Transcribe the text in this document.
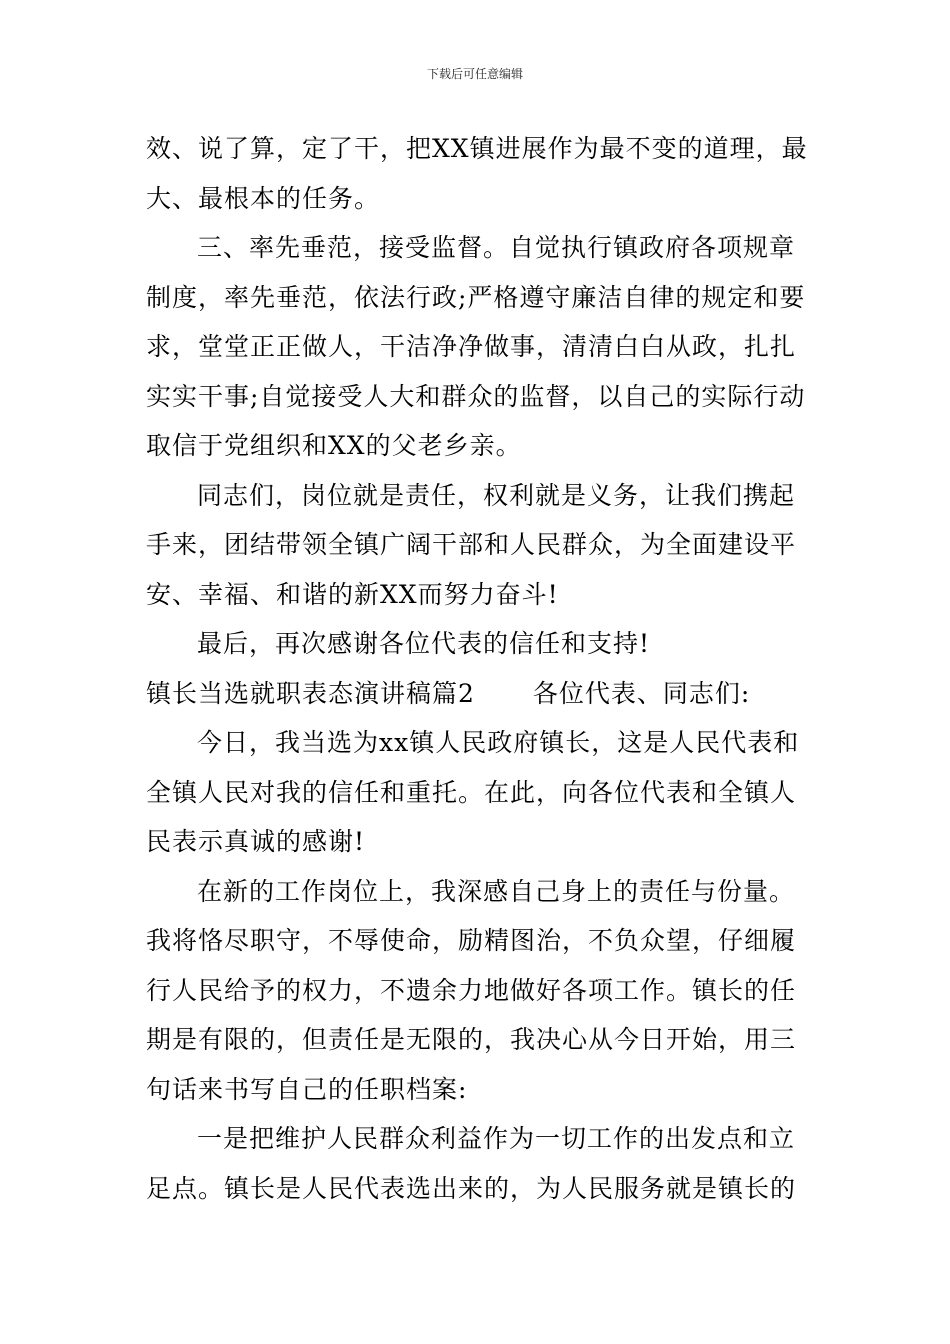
下载后可任意编辑
效、说了算，定了干，把XX镇进展作为最不变的道理，最
大、最根本的任务。
三、率先垂范，接受监督。自觉执行镇政府各项规章
制度，率先垂范，依法行政;严格遵守廉洁自律的规定和要
求，堂堂正正做人，干洁净净做事，清清白白从政，扎扎
实实干事;自觉接受人大和群众的监督，以自己的实际行动
取信于党组织和XX的父老乡亲。
同志们，岗位就是责任，权利就是义务，让我们携起
手来，团结带领全镇广阔干部和人民群众，为全面建设平
安、幸福、和谐的新XX而努力奋斗!
最后，再次感谢各位代表的信任和支持!
镇长当选就职表态演讲稿篇2 各位代表、同志们:
今日，我当选为xx镇人民政府镇长，这是人民代表和
全镇人民对我的信任和重托。在此，向各位代表和全镇人
民表示真诚的感谢!
在新的工作岗位上，我深感自己身上的责任与份量。
我将恪尽职守，不辱使命，励精图治，不负众望，仔细履
行人民给予的权力，不遗余力地做好各项工作。镇长的任
期是有限的，但责任是无限的，我决心从今日开始，用三
句话来书写自己的任职档案:
一是把维护人民群众利益作为一切工作的出发点和立
足点。镇长是人民代表选出来的，为人民服务就是镇长的
